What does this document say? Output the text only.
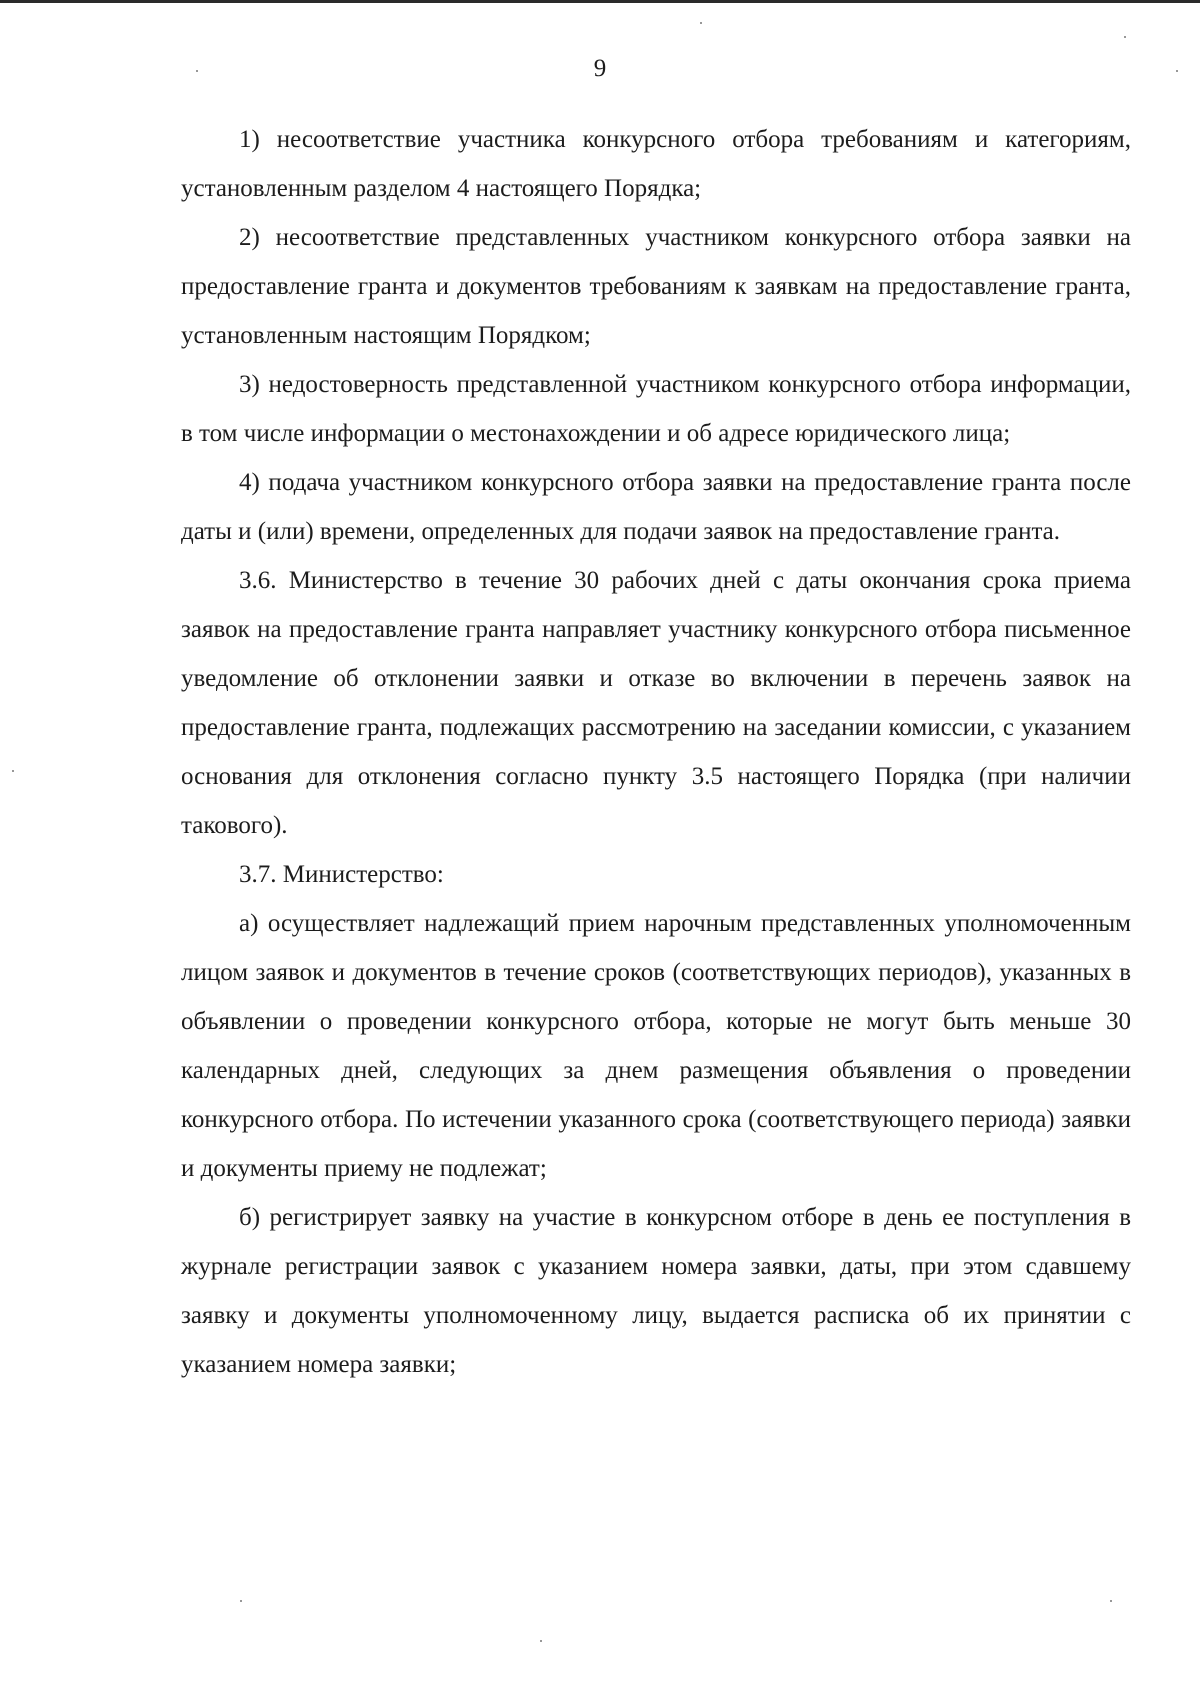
9

1) несоответствие участника конкурсного отбора требованиям и категориям, установленным разделом 4 настоящего Порядка;

2) несоответствие представленных участником конкурсного отбора заявки на предоставление гранта и документов требованиям к заявкам на предоставление гранта, установленным настоящим Порядком;

3) недостоверность представленной участником конкурсного отбора информации, в том числе информации о местонахождении и об адресе юридического лица;

4) подача участником конкурсного отбора заявки на предоставление гранта после даты и (или) времени, определенных для подачи заявок на предоставление гранта.

3.6. Министерство в течение 30 рабочих дней с даты окончания срока приема заявок на предоставление гранта направляет участнику конкурсного отбора письменное уведомление об отклонении заявки и отказе во включении в перечень заявок на предоставление гранта, подлежащих рассмотрению на заседании комиссии, с указанием основания для отклонения согласно пункту 3.5 настоящего Порядка (при наличии такового).

3.7. Министерство:

а) осуществляет надлежащий прием нарочным представленных уполномоченным лицом заявок и документов в течение сроков (соответствующих периодов), указанных в объявлении о проведении конкурсного отбора, которые не могут быть меньше 30 календарных дней, следующих за днем размещения объявления о проведении конкурсного отбора. По истечении указанного срока (соответствующего периода) заявки и документы приему не подлежат;

б) регистрирует заявку на участие в конкурсном отборе в день ее поступления в журнале регистрации заявок с указанием номера заявки, даты, при этом сдавшему заявку и документы уполномоченному лицу, выдается расписка об их принятии с указанием номера заявки;
